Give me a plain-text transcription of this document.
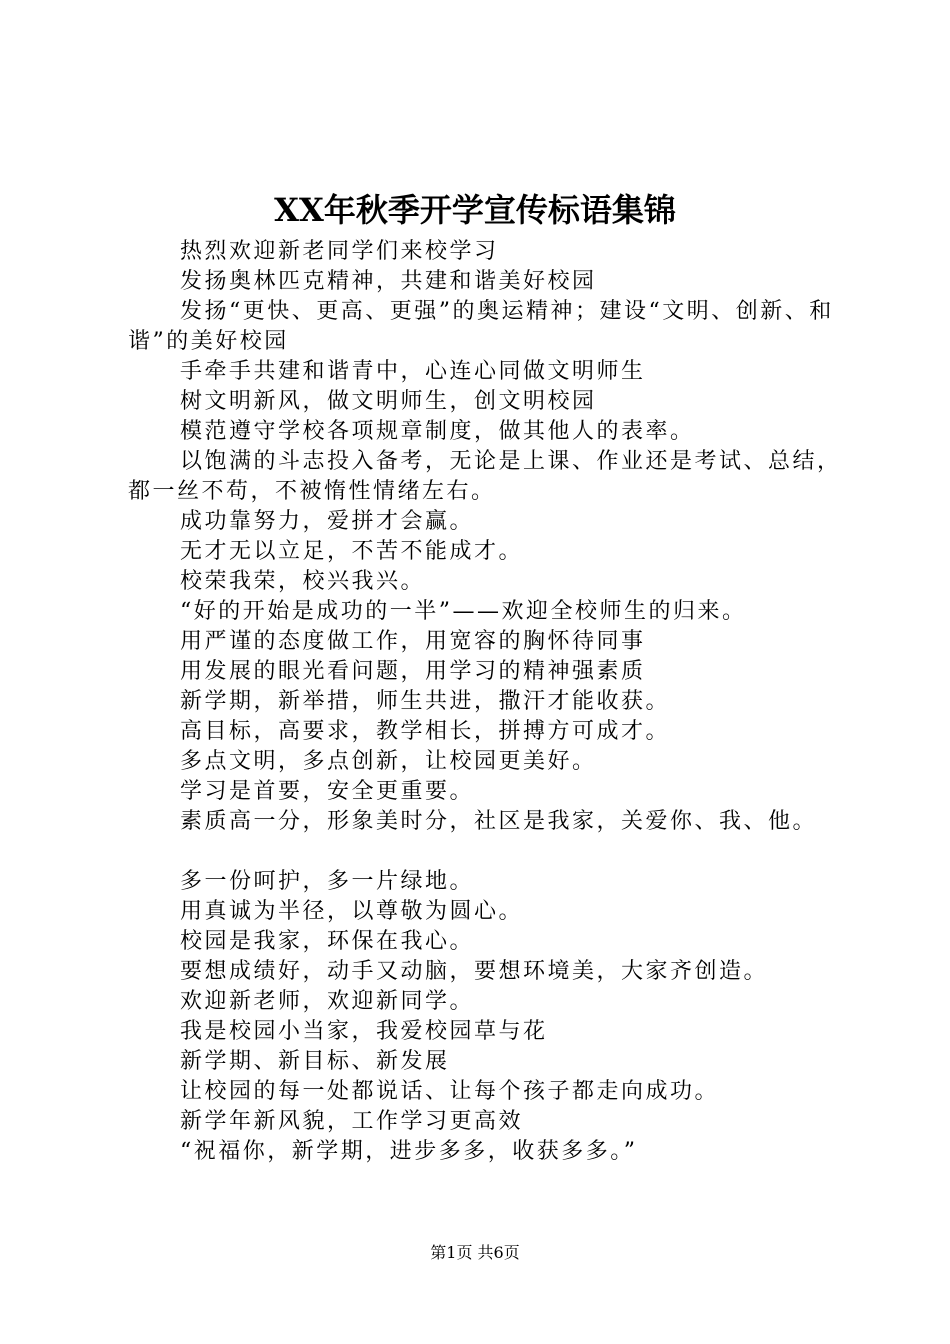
XX年秋季开学宣传标语集锦

热烈欢迎新老同学们来校学习

发扬奥林匹克精神，共建和谐美好校园

发扬“更快、更高、更强”的奥运精神；建设“文明、创新、和谐”的美好校园

手牵手共建和谐青中，心连心同做文明师生

树文明新风，做文明师生，创文明校园

模范遵守学校各项规章制度，做其他人的表率。

以饱满的斗志投入备考，无论是上课、作业还是考试、总结，都一丝不苟，不被惰性情绪左右。

成功靠努力，爱拼才会赢。

无才无以立足，不苦不能成才。

校荣我荣，校兴我兴。

“好的开始是成功的一半”——欢迎全校师生的归来。

用严谨的态度做工作，用宽容的胸怀待同事

用发展的眼光看问题，用学习的精神强素质

新学期，新举措，师生共进，撒汗才能收获。

高目标，高要求，教学相长，拼搏方可成才。

多点文明，多点创新，让校园更美好。

学习是首要，安全更重要。

素质高一分，形象美时分，社区是我家，关爱你、我、他。

多一份呵护，多一片绿地。

用真诚为半径，以尊敬为圆心。

校园是我家，环保在我心。

要想成绩好，动手又动脑，要想环境美，大家齐创造。

欢迎新老师，欢迎新同学。

我是校园小当家，我爱校园草与花

新学期、新目标、新发展

让校园的每一处都说话、让每个孩子都走向成功。

新学年新风貌，工作学习更高效

“祝福你，新学期，进步多多，收获多多。”

第1页 共6页
